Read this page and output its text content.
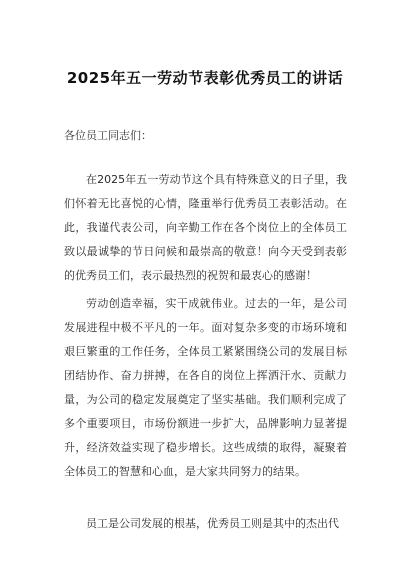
2025年五一劳动节表彰优秀员工的讲话
各位员工同志们：

在2025年五一劳动节这个具有特殊意义的日子里，我们怀着无比喜悦的心情，隆重举行优秀员工表彰活动。在此，我谨代表公司，向辛勤工作在各个岗位上的全体员工致以最诚挚的节日问候和最崇高的敬意！向今天受到表彰的优秀员工们，表示最热烈的祝贺和最衷心的感谢！

劳动创造幸福，实干成就伟业。过去的一年，是公司发展进程中极不平凡的一年。面对复杂多变的市场环境和艰巨繁重的工作任务，全体员工紧紧围绕公司的发展目标团结协作、奋力拼搏，在各自的岗位上挥洒汗水、贡献力量，为公司的稳定发展奠定了坚实基础。我们顺利完成了多个重要项目，市场份额进一步扩大，品牌影响力显著提升，经济效益实现了稳步增长。这些成绩的取得，凝聚着全体员工的智慧和心血，是大家共同努力的结果。

员工是公司发展的根基，优秀员工则是其中的杰出代
